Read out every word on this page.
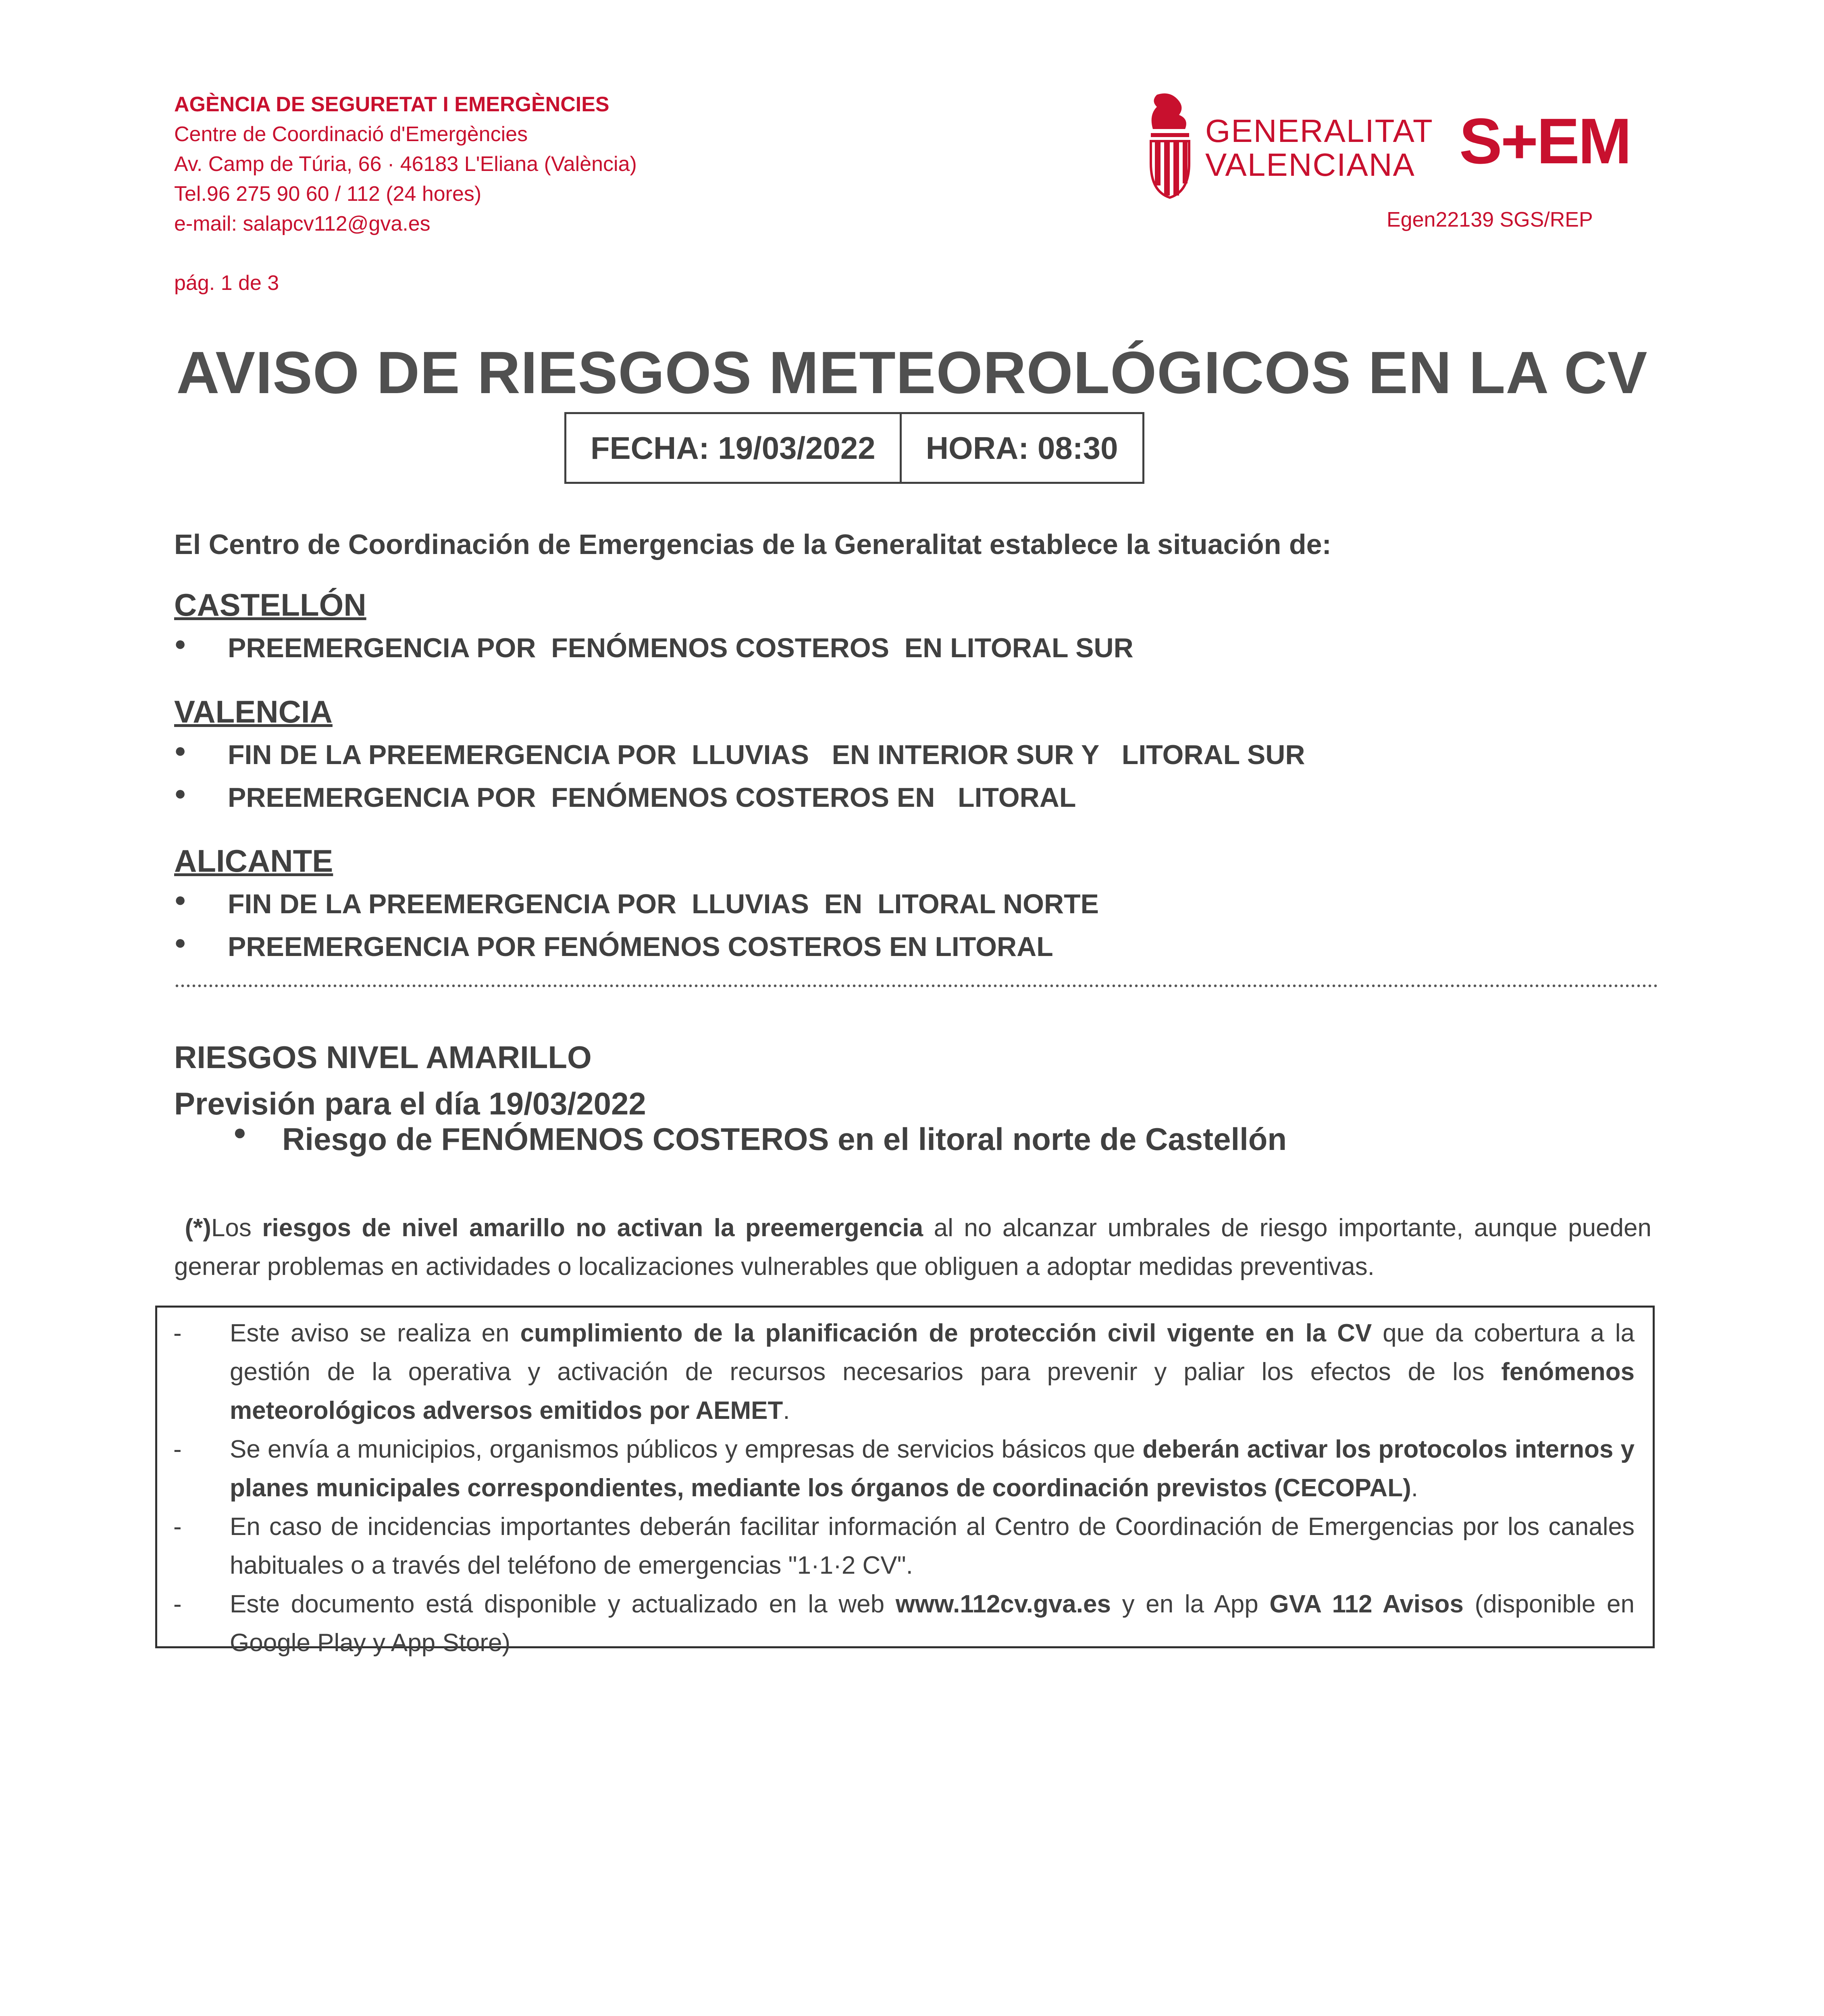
AGÈNCIA DE SEGURETAT I EMERGÈNCIES
Centre de Coordinació d'Emergències
Av. Camp de Túria, 66 · 46183 L'Eliana (València)
Tel.96 275 90 60 / 112 (24 hores)
e-mail: salapcv112@gva.es
GENERALITAT
VALENCIANA S+EM
Egen22139 SGS/REP
pág. 1 de 3
AVISO DE RIESGOS METEOROLÓGICOS EN LA CV
FECHA: 19/03/2022	HORA: 08:30
El Centro de Coordinación de Emergencias de la Generalitat establece la situación de:
CASTELLÓN
● PREEMERGENCIA POR  FENÓMENOS COSTEROS  EN LITORAL SUR
VALENCIA
● FIN DE LA PREEMERGENCIA POR  LLUVIAS   EN INTERIOR SUR Y   LITORAL SUR
● PREEMERGENCIA POR  FENÓMENOS COSTEROS EN   LITORAL
ALICANTE
● FIN DE LA PREEMERGENCIA POR  LLUVIAS  EN  LITORAL NORTE
● PREEMERGENCIA POR FENÓMENOS COSTEROS EN LITORAL
RIESGOS NIVEL AMARILLO
Previsión para el día 19/03/2022
● Riesgo de FENÓMENOS COSTEROS en el litoral norte de Castellón
(*)Los riesgos de nivel amarillo no activan la preemergencia al no alcanzar umbrales de riesgo importante, aunque pueden generar problemas en actividades o localizaciones vulnerables que obliguen a adoptar medidas preventivas.
- Este aviso se realiza en cumplimiento de la planificación de protección civil vigente en la CV que da cobertura a la gestión de la operativa y activación de recursos necesarios para prevenir y paliar los efectos de los fenómenos meteorológicos adversos emitidos por AEMET.
- Se envía a municipios, organismos públicos y empresas de servicios básicos que deberán activar los protocolos internos y planes municipales correspondientes, mediante los órganos de coordinación previstos (CECOPAL).
- En caso de incidencias importantes deberán facilitar información al Centro de Coordinación de Emergencias por los canales habituales o a través del teléfono de emergencias "1·1·2 CV".
- Este documento está disponible y actualizado en la web www.112cv.gva.es y en la App GVA 112 Avisos (disponible en Google Play y App Store)
